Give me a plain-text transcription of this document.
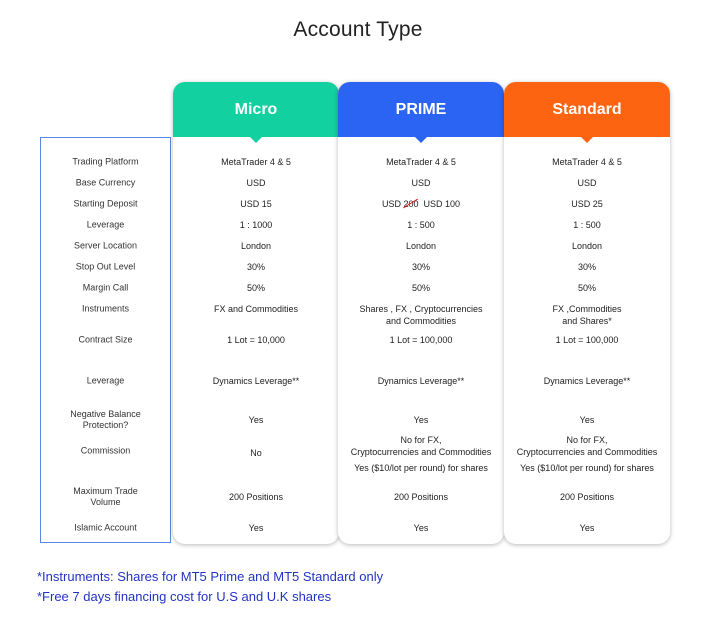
Account Type
Trading Platform
Base Currency
Starting Deposit
Leverage
Server Location
Stop Out Level
Margin Call
Instruments
Contract Size
Leverage
Negative Balance Protection?
Commission
Maximum Trade Volume
Islamic Account
Micro
MetaTrader 4 & 5
USD
USD 15
1 : 1000
London
30%
50%
FX and Commodities
1 Lot = 10,000
Dynamics Leverage**
Yes
No
200 Positions
Yes
PRIME
MetaTrader 4 & 5
USD
USD 200 USD 100
1 : 500
London
30%
50%
Shares , FX , Cryptocurrencies
and Commodities
1 Lot = 100,000
Dynamics Leverage**
Yes
No for FX,
Cryptocurrencies and Commodities
Yes ($10/lot per round) for shares
200 Positions
Yes
Standard
MetaTrader 4 & 5
USD
USD 25
1 : 500
London
30%
50%
FX ,Commodities
and Shares*
1 Lot = 100,000
Dynamics Leverage**
Yes
No for FX,
Cryptocurrencies and Commodities
Yes ($10/lot per round) for shares
200 Positions
Yes
*Instruments: Shares for MT5 Prime and MT5 Standard only
*Free 7 days financing cost for U.S and U.K shares
